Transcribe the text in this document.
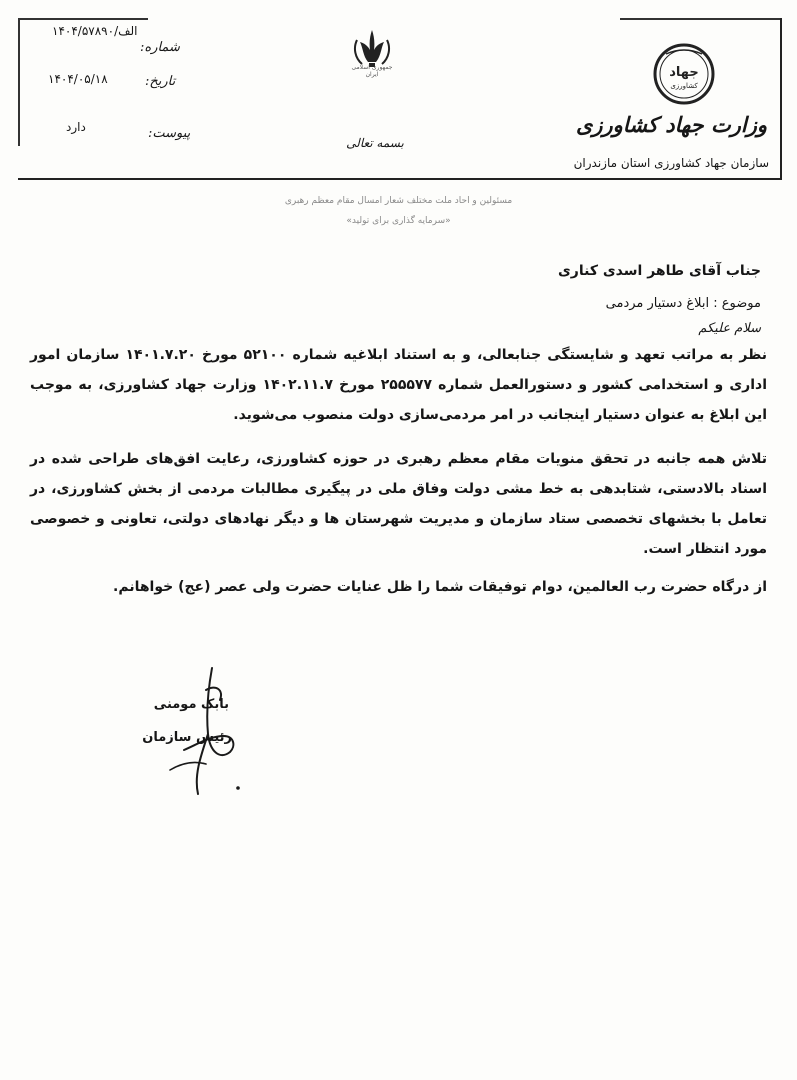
شماره:
۱۴۰۴/الف/۵۷۸۹۰
تاریخ:
۱۴۰۴/۰۵/۱۸
پیوست:
دارد
جمهوری اسلامی ایران
بسمه تعالی
جهاد
کشاورزی
وزارت جهاد کشاورزی
سازمان جهاد کشاورزی استان مازندران
مسئولین و احاد ملت مختلف شعار امسال مقام معظم رهبری
«سرمایه گذاری برای تولید»
جناب آقای طاهر اسدی کناری
موضوع : ابلاغ دستیار مردمی
سلام علیکم
نظر به مراتب تعهد و شایستگی جنابعالی، و به استناد ابلاغیه شماره ۵۲۱۰۰ مورخ ۱۴۰۱.۷.۲۰ سازمان امور اداری و استخدامی کشور و دستورالعمل شماره ۲۵۵۵۷۷ مورخ ۱۴۰۲.۱۱.۷ وزارت جهاد کشاورزی، به موجب این ابلاغ به عنوان دستیار اینجانب در امر مردمی‌سازی دولت منصوب می‌شوید.
تلاش همه جانبه در تحقق منویات مقام معظم رهبری در حوزه کشاورزی، رعایت افق‌های طراحی شده در اسناد بالادستی، شتابدهی به خط مشی دولت وفاق ملی در پیگیری مطالبات مردمی از بخش کشاورزی، در تعامل با بخشهای تخصصی ستاد سازمان و مدیریت شهرستان ها و دیگر نهادهای دولتی، تعاونی و خصوصی مورد انتظار است.
از درگاه حضرت رب العالمین، دوام توفیقات شما را ظل عنایات حضرت ولی عصر (عج) خواهانم.
بابک مومنی
رئیس سازمان
